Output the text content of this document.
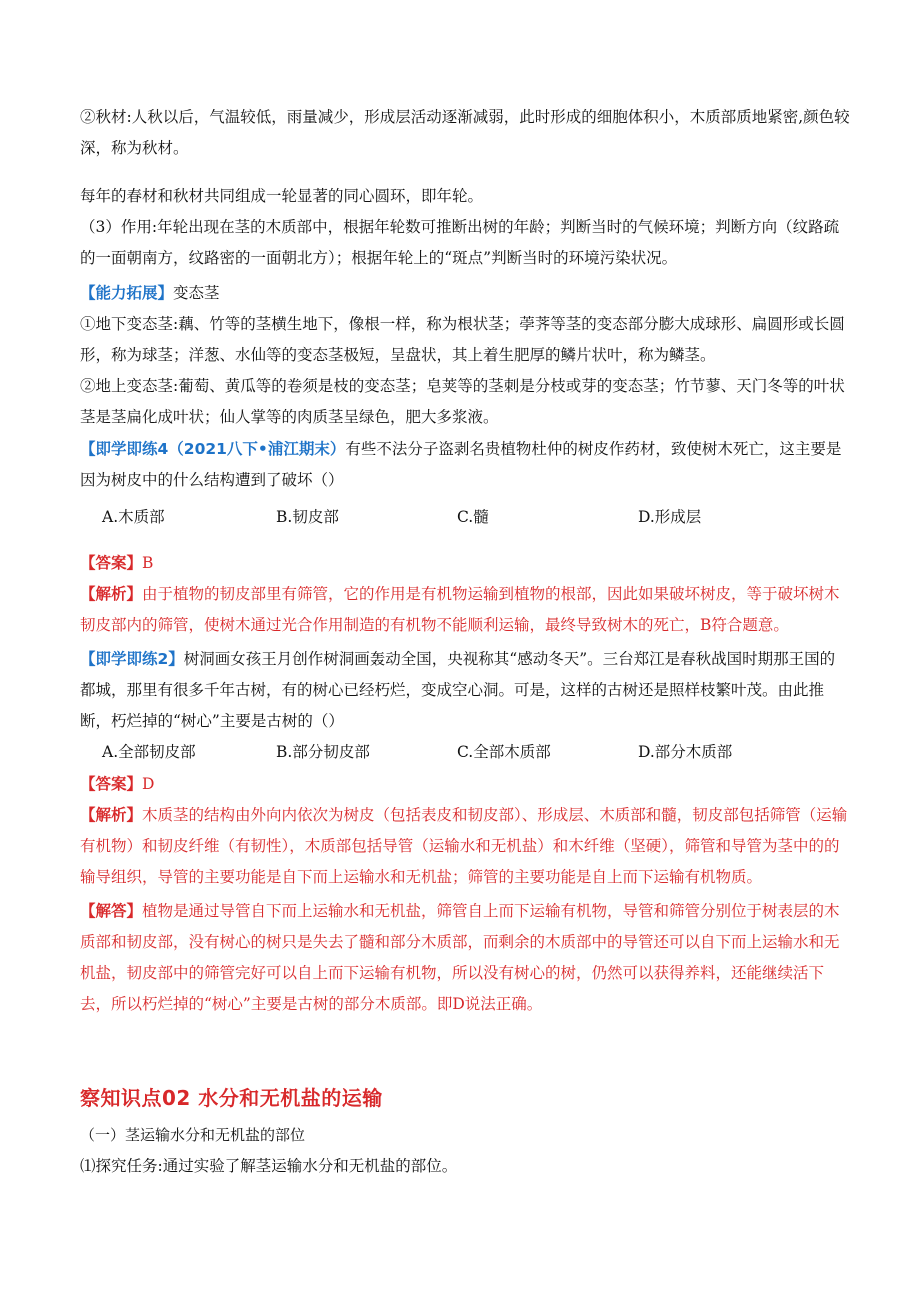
②秋材:人秋以后，气温较低，雨量减少，形成层活动逐渐减弱，此时形成的细胞体积小，木质部质地紧密,颜色较深，称为秋材。

每年的春材和秋材共同组成一轮显著的同心圆环，即年轮。

（3）作用:年轮出现在茎的木质部中，根据年轮数可推断出树的年龄；判断当时的气候环境；判断方向（纹路疏的一面朝南方，纹路密的一面朝北方）；根据年轮上的“斑点”判断当时的环境污染状况。

【能力拓展】变态茎

①地下变态茎:藕、竹等的茎横生地下，像根一样，称为根状茎；荸荠等茎的变态部分膨大成球形、扁圆形或长圆形，称为球茎；洋葱、水仙等的变态茎极短，呈盘状，其上着生肥厚的鳞片状叶，称为鳞茎。

②地上变态茎:葡萄、黄瓜等的卷须是枝的变态茎；皂荚等的茎刺是分枝或芽的变态茎；竹节蓼、天门冬等的叶状茎是茎扁化成叶状；仙人掌等的肉质茎呈绿色，肥大多浆液。

【即学即练4（2021八下•浦江期末）有些不法分子盗剥名贵植物杜仲的树皮作药材，致使树木死亡，这主要是因为树皮中的什么结构遭到了破坏（）

A.木质部	B.韧皮部	C.髓	D.形成层

【答案】B

【解析】由于植物的韧皮部里有筛管，它的作用是有机物运输到植物的根部，因此如果破坏树皮，等于破坏树木韧皮部内的筛管，使树木通过光合作用制造的有机物不能顺利运输，最终导致树木的死亡，B符合题意。

【即学即练2】树洞画女孩王月创作树洞画轰动全国，央视称其“感动冬天”。三台郑江是春秋战国时期那王国的都城，那里有很多千年古树，有的树心已经朽烂，变成空心洞。可是，这样的古树还是照样枝繁叶茂。由此推断，朽烂掉的“树心”主要是古树的（）

A.全部韧皮部	B.部分韧皮部	C.全部木质部	D.部分木质部

【答案】D

【解析】木质茎的结构由外向内依次为树皮（包括表皮和韧皮部）、形成层、木质部和髓，韧皮部包括筛管（运输有机物）和韧皮纤维（有韧性），木质部包括导管（运输水和无机盐）和木纤维（坚硬），筛管和导管为茎中的的输导组织，导管的主要功能是自下而上运输水和无机盐；筛管的主要功能是自上而下运输有机物质。

【解答】植物是通过导管自下而上运输水和无机盐，筛管自上而下运输有机物，导管和筛管分别位于树表层的木质部和韧皮部，没有树心的树只是失去了髓和部分木质部，而剩余的木质部中的导管还可以自下而上运输水和无机盐，韧皮部中的筛管完好可以自上而下运输有机物，所以没有树心的树，仍然可以获得养料，还能继续活下去，所以朽烂掉的“树心”主要是古树的部分木质部。即D说法正确。

察知识点02 水分和无机盐的运输

（一）茎运输水分和无机盐的部位

⑴探究任务:通过实验了解茎运输水分和无机盐的部位。
